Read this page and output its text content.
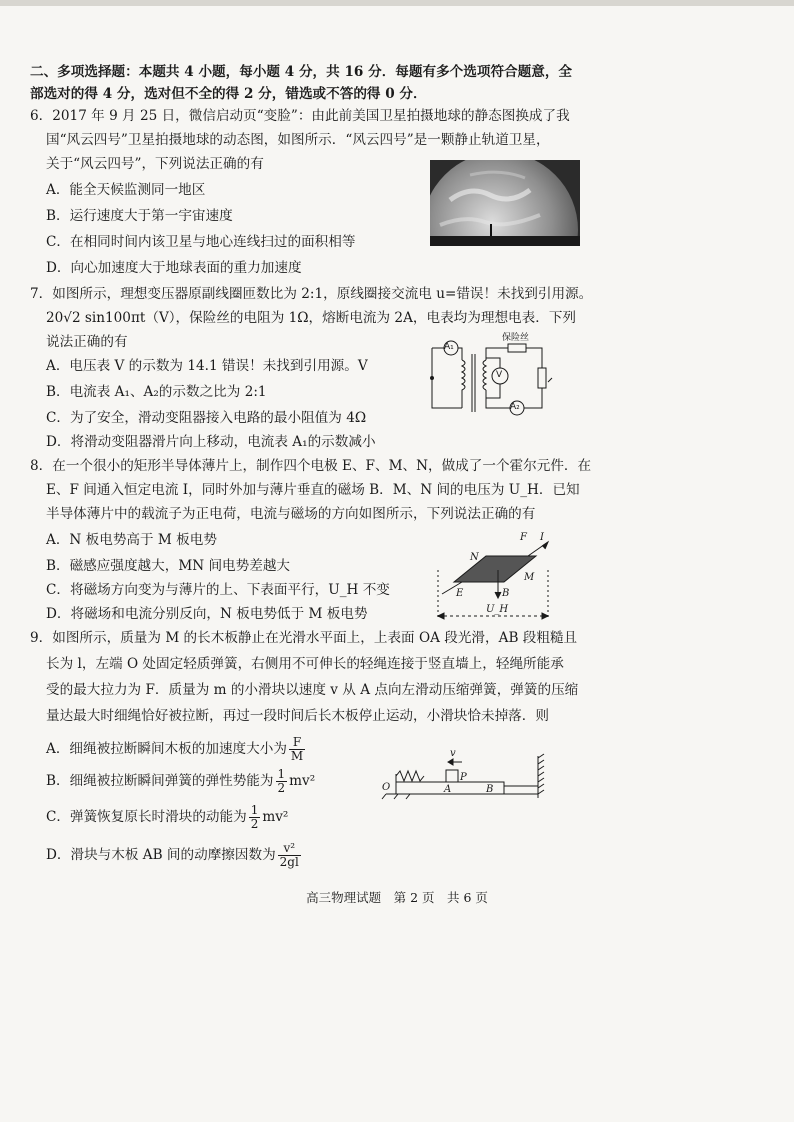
二、多项选择题：本题共 4 小题，每小题 4 分，共 16 分．每题有多个选项符合题意，全
部选对的得 4 分，选对但不全的得 2 分，错选或不答的得 0 分．
6．2017 年 9 月 25 日，微信启动页“变脸”：由此前美国卫星拍摄地球的静态图换成了我
国“风云四号”卫星拍摄地球的动态图，如图所示．“风云四号”是一颗静止轨道卫星，
关于“风云四号”，下列说法正确的有
A．能全天候监测同一地区
B．运行速度大于第一宇宙速度
C．在相同时间内该卫星与地心连线扫过的面积相等
D．向心加速度大于地球表面的重力加速度
7．如图所示，理想变压器原副线圈匝数比为 2:1，原线圈接交流电 u=错误！未找到引用源。
20√2 sin100πt（V），保险丝的电阻为 1Ω，熔断电流为 2A，电表均为理想电表．下列
说法正确的有
A．电压表 V 的示数为 14.1 错误！未找到引用源。V
B．电流表 A₁、A₂的示数之比为 2:1
C．为了安全，滑动变阻器接入电路的最小阻值为 4Ω
D．将滑动变阻器滑片向上移动，电流表 A₁的示数减小
A₁
V
A₂
保险丝
8．在一个很小的矩形半导体薄片上，制作四个电极 E、F、M、N，做成了一个霍尔元件．在
E、F 间通入恒定电流 I，同时外加与薄片垂直的磁场 B．M、N 间的电压为 U_H．已知
半导体薄片中的载流子为正电荷，电流与磁场的方向如图所示，下列说法正确的有
A．N 板电势高于 M 板电势
B．磁感应强度越大，MN 间电势差越大
C．将磁场方向变为与薄片的上、下表面平行，U_H 不变
D．将磁场和电流分别反向，N 板电势低于 M 板电势
F I
N
M
E	B
U_H
9．如图所示，质量为 M 的长木板静止在光滑水平面上，上表面 OA 段光滑，AB 段粗糙且
长为 l，左端 O 处固定轻质弹簧，右侧用不可伸长的轻绳连接于竖直墙上，轻绳所能承
受的最大拉力为 F．质量为 m 的小滑块以速度 v 从 A 点向左滑动压缩弹簧，弹簧的压缩
量达最大时细绳恰好被拉断，再过一段时间后长木板停止运动，小滑块恰未掉落．则
A．细绳被拉断瞬间木板的加速度大小为 $\frac{F}{M}$
B．细绳被拉断瞬间弹簧的弹性势能为 $\frac{1}{2} mv^2$
C．弹簧恢复原长时滑块的动能为 $\frac{1}{2} mv^2$
D．滑块与木板 AB 间的动摩擦因数为 $\frac{\text{v²}}{2gl}$
v
O	A
P
B
高三物理试题　第 2 页　共 6 页
